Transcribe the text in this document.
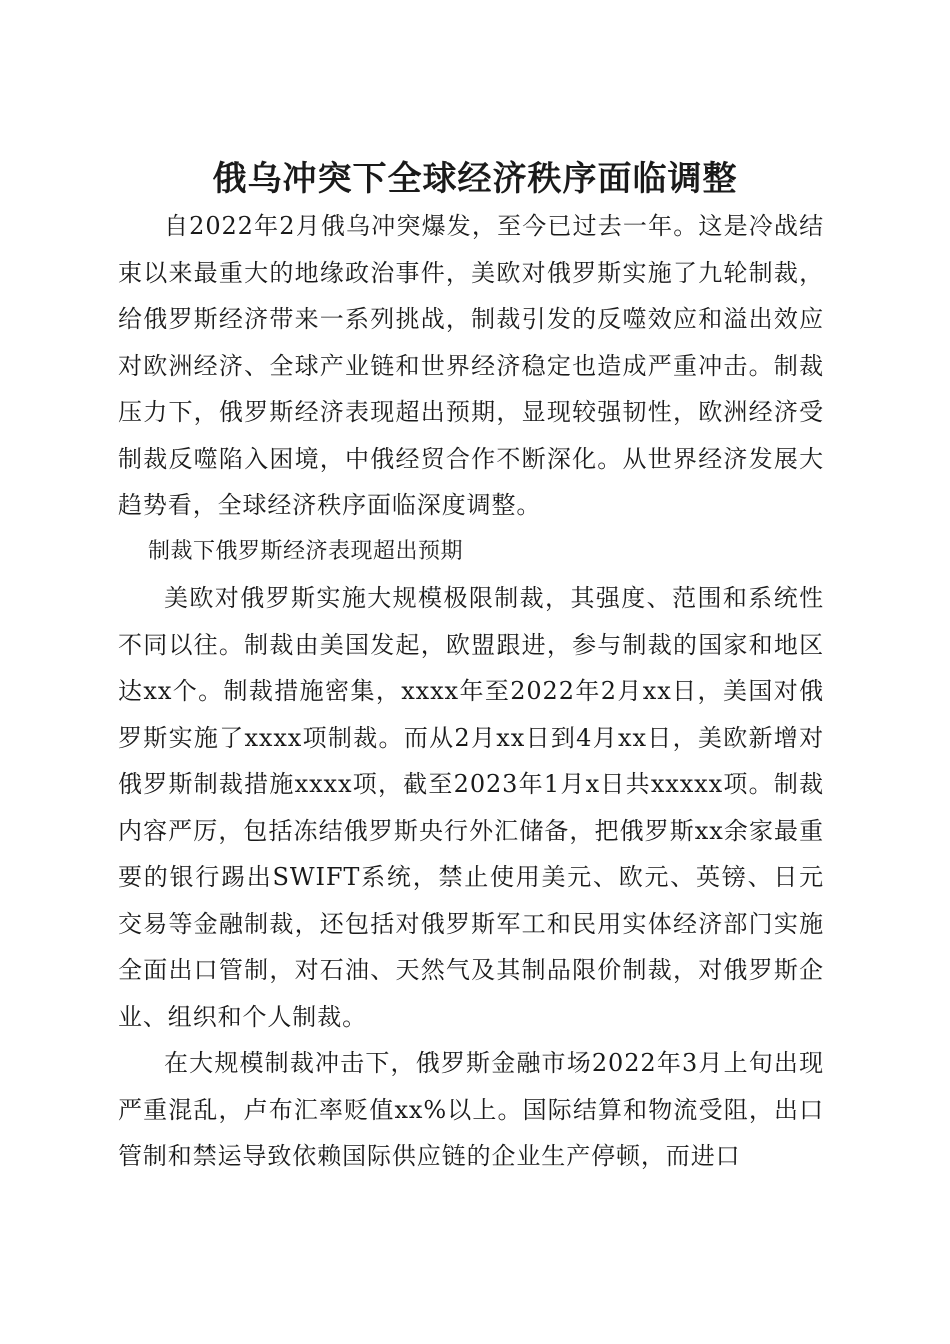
俄乌冲突下全球经济秩序面临调整

自2022年2月俄乌冲突爆发，至今已过去一年。这是冷战结束以来最重大的地缘政治事件，美欧对俄罗斯实施了九轮制裁，给俄罗斯经济带来一系列挑战，制裁引发的反噬效应和溢出效应对欧洲经济、全球产业链和世界经济稳定也造成严重冲击。制裁压力下，俄罗斯经济表现超出预期，显现较强韧性，欧洲经济受制裁反噬陷入困境，中俄经贸合作不断深化。从世界经济发展大趋势看，全球经济秩序面临深度调整。

制裁下俄罗斯经济表现超出预期

美欧对俄罗斯实施大规模极限制裁，其强度、范围和系统性不同以往。制裁由美国发起，欧盟跟进，参与制裁的国家和地区达xx个。制裁措施密集，xxxx年至2022年2月xx日，美国对俄罗斯实施了xxxx项制裁。而从2月xx日到4月xx日，美欧新增对俄罗斯制裁措施xxxx项，截至2023年1月x日共xxxxx项。制裁内容严厉，包括冻结俄罗斯央行外汇储备，把俄罗斯xx余家最重要的银行踢出SWIFT系统，禁止使用美元、欧元、英镑、日元交易等金融制裁，还包括对俄罗斯军工和民用实体经济部门实施全面出口管制，对石油、天然气及其制品限价制裁，对俄罗斯企业、组织和个人制裁。

在大规模制裁冲击下，俄罗斯金融市场2022年3月上旬出现严重混乱，卢布汇率贬值xx%以上。国际结算和物流受阻，出口管制和禁运导致依赖国际供应链的企业生产停顿，而进口
